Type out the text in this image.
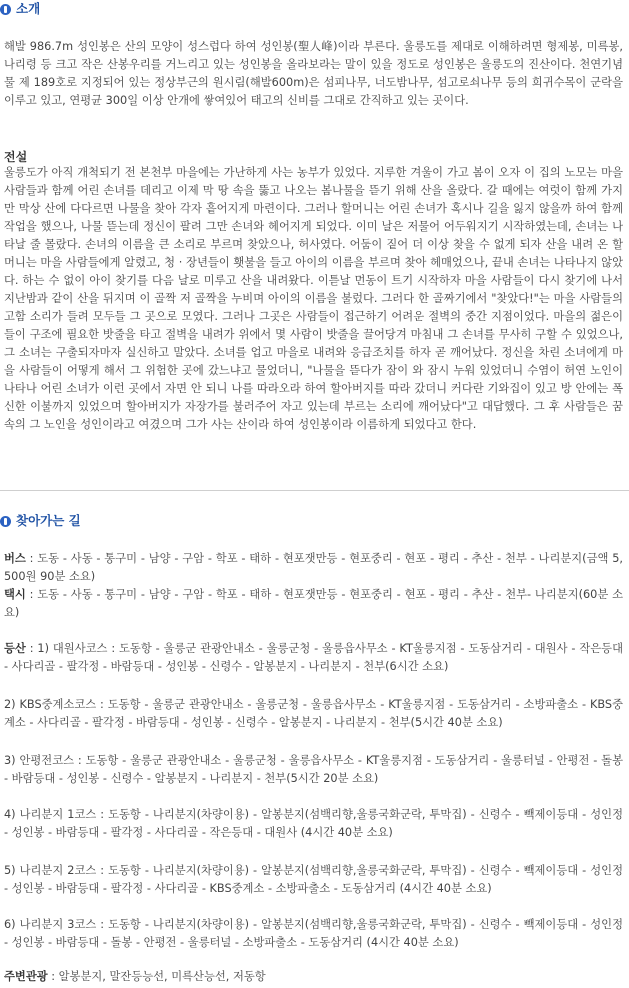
소개
해발 986.7m 성인봉은 산의 모양이 성스럽다 하여 성인봉(聖人峰)이라 부른다. 울릉도를 제대로 이해하려면 형제봉, 미륵봉, 나리령 등 크고 작은 산봉우리를 거느리고 있는 성인봉을 올라보라는 말이 있을 정도로 성인봉은 울릉도의 진산이다. 천연기념물 제 189호로 지정되어 있는 정상부근의 원시림(해발600m)은 섬피나무, 너도밤나무, 섬고로쇠나무 등의 희귀수목이 군락을 이루고 있고, 연평균 300일 이상 안개에 쌓여있어 태고의 신비를 그대로 간직하고 있는 곳이다.
전설
울릉도가 아직 개척되기 전 본천부 마을에는 가난하게 사는 농부가 있었다. 지루한 겨울이 가고 봄이 오자 이 집의 노모는 마을 사람들과 함께 어린 손녀를 데리고 이제 막 땅 속을 뚫고 나오는 봄나물을 뜯기 위해 산을 올랐다. 갈 때에는 여럿이 함께 가지만 막상 산에 다다르면 나물을 찾아 각자 흩어지게 마련이다. 그러나 할머니는 어린 손녀가 혹시나 길을 잃지 않을까 하여 함께 작업을 했으나, 나물 뜯는데 정신이 팔려 그만 손녀와 헤어지게 되었다. 이미 날은 저물어 어두워지기 시작하였는데, 손녀는 나타날 줄 몰랐다. 손녀의 이름을 큰 소리로 부르며 찾았으나, 허사였다. 어둠이 짙어 더 이상 찾을 수 없게 되자 산을 내려 온 할머니는 마을 사람들에게 알렸고, 청 · 장년들이 횃불을 들고 아이의 이름을 부르며 찾아 헤매었으나, 끝내 손녀는 나타나지 않았다. 하는 수 없이 아이 찾기를 다음 날로 미루고 산을 내려왔다. 이튿날 먼동이 트기 시작하자 마을 사람들이 다시 찾기에 나서 지난밤과 같이 산을 뒤지며 이 골짝 저 골짝을 누비며 아이의 이름을 불렀다. 그러다 한 골짜기에서 "찾았다!"는 마을 사람들의 고함 소리가 들려 모두들 그 곳으로 모였다. 그러나 그곳은 사람들이 접근하기 어려운 절벽의 중간 지점이었다. 마을의 젊은이들이 구조에 필요한 밧줄을 타고 절벽을 내려가 위에서 몇 사람이 밧줄을 끌어당겨 마침내 그 손녀를 무사히 구할 수 있었으나, 그 소녀는 구출되자마자 실신하고 말았다. 소녀를 업고 마을로 내려와 응급조치를 하자 곧 깨어났다. 정신을 차린 소녀에게 마을 사람들이 어떻게 해서 그 위험한 곳에 갔느냐고 물었더니, "나물을 뜯다가 잠이 와 잠시 누워 있었더니 수염이 허연 노인이 나타나 어린 소녀가 이런 곳에서 자면 안 되니 나를 따라오라 하여 할아버지를 따라 갔더니 커다란 기와집이 있고 방 안에는 폭신한 이불까지 있었으며 할아버지가 자장가를 불러주어 자고 있는데 부르는 소리에 깨어났다"고 대답했다. 그 후 사람들은 꿈 속의 그 노인을 성인이라고 여겼으며 그가 사는 산이라 하여 성인봉이라 이름하게 되었다고 한다.
찾아가는 길
버스 : 도동 - 사동 - 통구미 - 남양 - 구암 - 학포 - 태하 - 현포잿만등 - 현포중리 - 현포 - 평리 - 추산 - 천부 - 나리분지(금액 5,500원 90분 소요)
택시 : 도동 - 사동 - 통구미 - 남양 - 구암 - 학포 - 태하 - 현포잿만등 - 현포중리 - 현포 - 평리 - 추산 - 천부- 나리분지(60분 소요)
등산 : 1) 대원사코스 : 도동항 - 울릉군 관광안내소 - 울릉군청 - 울릉읍사무소 - KT울릉지점 - 도동삼거리 - 대원사 - 작은등대 - 사다리골 - 팔각정 - 바람등대 - 성인봉 - 신령수 - 알봉분지 - 나리분지 - 천부(6시간 소요)
2) KBS중계소코스 : 도동항 - 울릉군 관광안내소 - 울릉군청 - 울릉읍사무소 - KT울릉지점 - 도동삼거리 - 소방파출소 - KBS중계소 - 사다리골 - 팔각정 - 바람등대 - 성인봉 - 신령수 - 알봉분지 - 나리분지 - 천부(5시간 40분 소요)
3) 안평전코스 : 도동항 - 울릉군 관광안내소 - 울릉군청 - 울릉읍사무소 - KT울릉지점 - 도동삼거리 - 울릉터널 - 안평전 - 돌봉 - 바람등대 - 성인봉 - 신령수 - 알봉분지 - 나리분지 - 천부(5시간 20분 소요)
4) 나리분지 1코스 : 도동항 - 나리분지(차량이용) - 알봉분지(섬백리향,울릉국화군락, 투막집) - 신령수 - 빽제이등대 - 성인정 - 성인봉 - 바람등대 - 팔각정 - 사다리골 - 작은등대 - 대원사 (4시간 40분 소요)
5) 나리분지 2코스 : 도동항 - 나리분지(차량이용) - 알봉분지(섬백리향,울릉국화군락, 투막집) - 신령수 - 빽제이등대 - 성인정 - 성인봉 - 바람등대 - 팔각정 - 사다리골 - KBS중계소 - 소방파출소 - 도동삼거리 (4시간 40분 소요)
6) 나리분지 3코스 : 도동항 - 나리분지(차량이용) - 알봉분지(섬백리향,울릉국화군락, 투막집) - 신령수 - 빽제이등대 - 성인정 - 성인봉 - 바람등대 - 돌봉 - 안평전 - 울릉터널 - 소방파출소 - 도동삼거리 (4시간 40분 소요)
주변관광 : 알봉분지, 말잔등능선, 미륵산능선, 저동항
